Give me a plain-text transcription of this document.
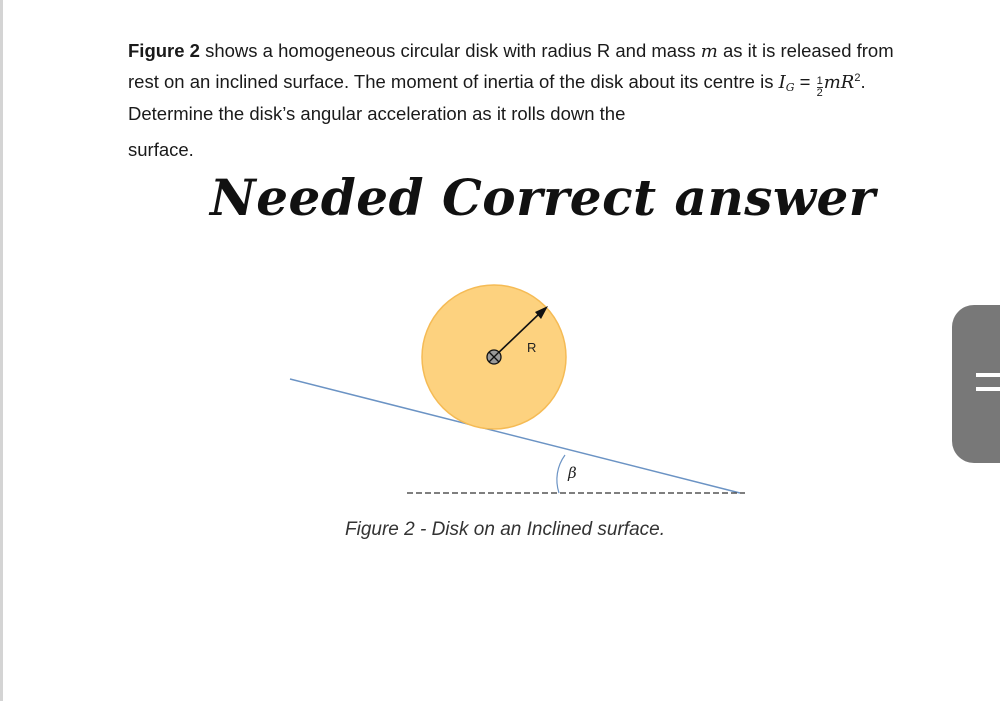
Figure 2 shows a homogeneous circular disk with radius R and mass m as it is released from rest on an inclined surface. The moment of inertia of the disk about its centre is $I_G = \frac{1}{2} mR^2$. Determine the disk’s angular acceleration as it rolls down the

surface.

Needed Correct answer
R
β
Figure 2 - Disk on an Inclined surface.
